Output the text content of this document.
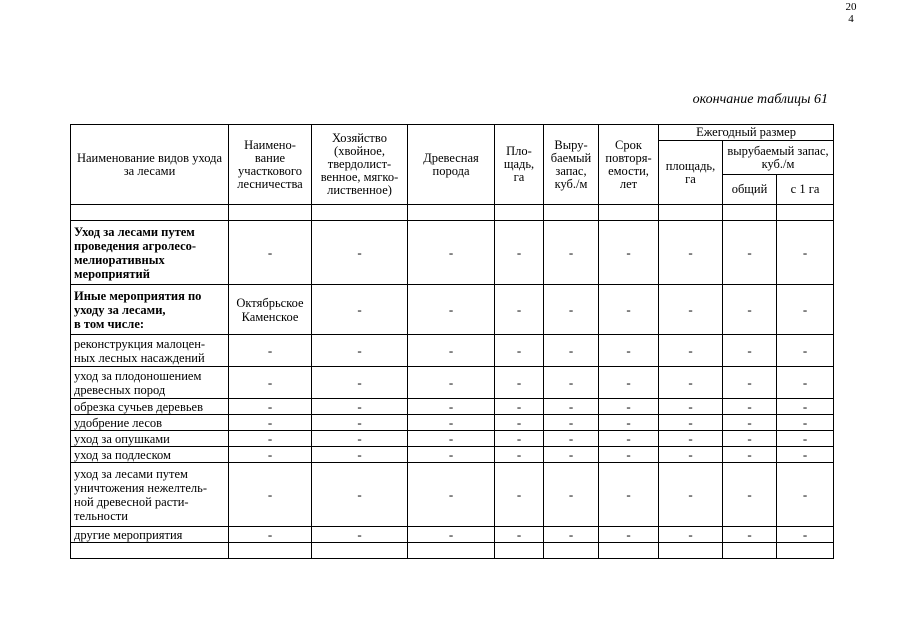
20
4
окончание таблицы 61
Наименование видов ухода за лесами	Наимено-вание участкового лесничества	Хозяйство (хвойное, твердолист-венное, мягко-лиственное)	Древесная порода	Пло-щадь, га	Выру-баемый запас, куб./м	Срок повторя-емости, лет	Ежегодный размер		
							площадь, га	вырубаемый запас, куб./м	
								общий	с 1 га

Уход за лесами путем проведения агролесо-мелиоративных мероприятий	-	-	-	-	-	-	-	-	-
Иные мероприятия по уходу за лесами,
в том числе:	Октябрьское Каменское	-	-	-	-	-	-	-	-
реконструкция малоцен-ных лесных насаждений	-	-	-	-	-	-	-	-	-
уход за плодоношением древесных пород	-	-	-	-	-	-	-	-	-
обрезка сучьев деревьев	-	-	-	-	-	-	-	-	-
удобрение лесов	-	-	-	-	-	-	-	-	-
уход за опушками	-	-	-	-	-	-	-	-	-
уход за подлеском	-	-	-	-	-	-	-	-	-
уход за лесами путем уничтожения нежелтель-ной древесной расти-тельности	-	-	-	-	-	-	-	-	-
другие мероприятия	-	-	-	-	-	-	-	-	-
